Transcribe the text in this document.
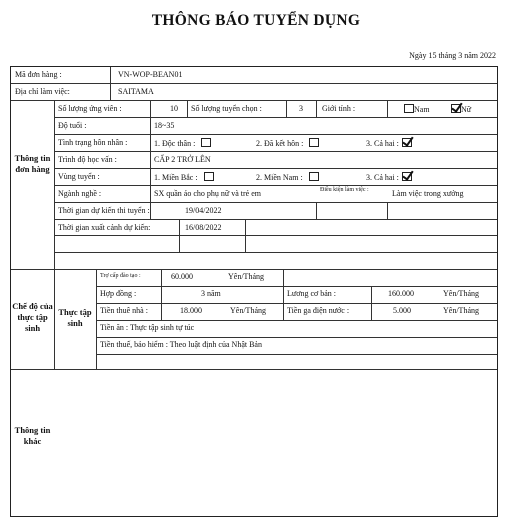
THÔNG BÁO TUYỂN DỤNG
Ngày 15 tháng 3 năm 2022
Mã đơn hàng :	VN-WOP-BEAN01
Địa chỉ làm việc:	SAITAMA
Thông tin đơn hàng
Số lượng ứng viên :	10	Số lượng tuyển chọn :	3	Giới tính :	Nam	Nữ
Độ tuổi :	18~35
Tình trạng hôn nhân :	1. Độc thân :	2. Đã kết hôn :	3. Cả hai :
Trình độ học vấn :	CẤP 2 TRỞ LÊN
Vùng tuyển :	1. Miền Bắc :	2. Miền Nam :	3. Cả hai :
Ngành nghề :	SX quần áo cho phụ nữ và trẻ em	Điều kiện làm việc :	Làm việc trong xưởng
Thời gian dự kiến thi tuyển :	19/04/2022
Thời gian xuất cảnh dự kiến:	16/08/2022
Chế độ của thực tập sinh
Thực tập sinh
Trợ cấp đào tạo :	60.000	Yên/Tháng
Hợp đồng :	3 năm	Lương cơ bản :	160.000	Yên/Tháng
Tiền thuê nhà :	18.000	Yên/Tháng	Tiền ga điện nước :	5.000	Yên/Tháng
Tiền ăn : Thực tập sinh tự túc
Tiền thuế, bảo hiểm : Theo luật định của Nhật Bản
Thông tin khác
